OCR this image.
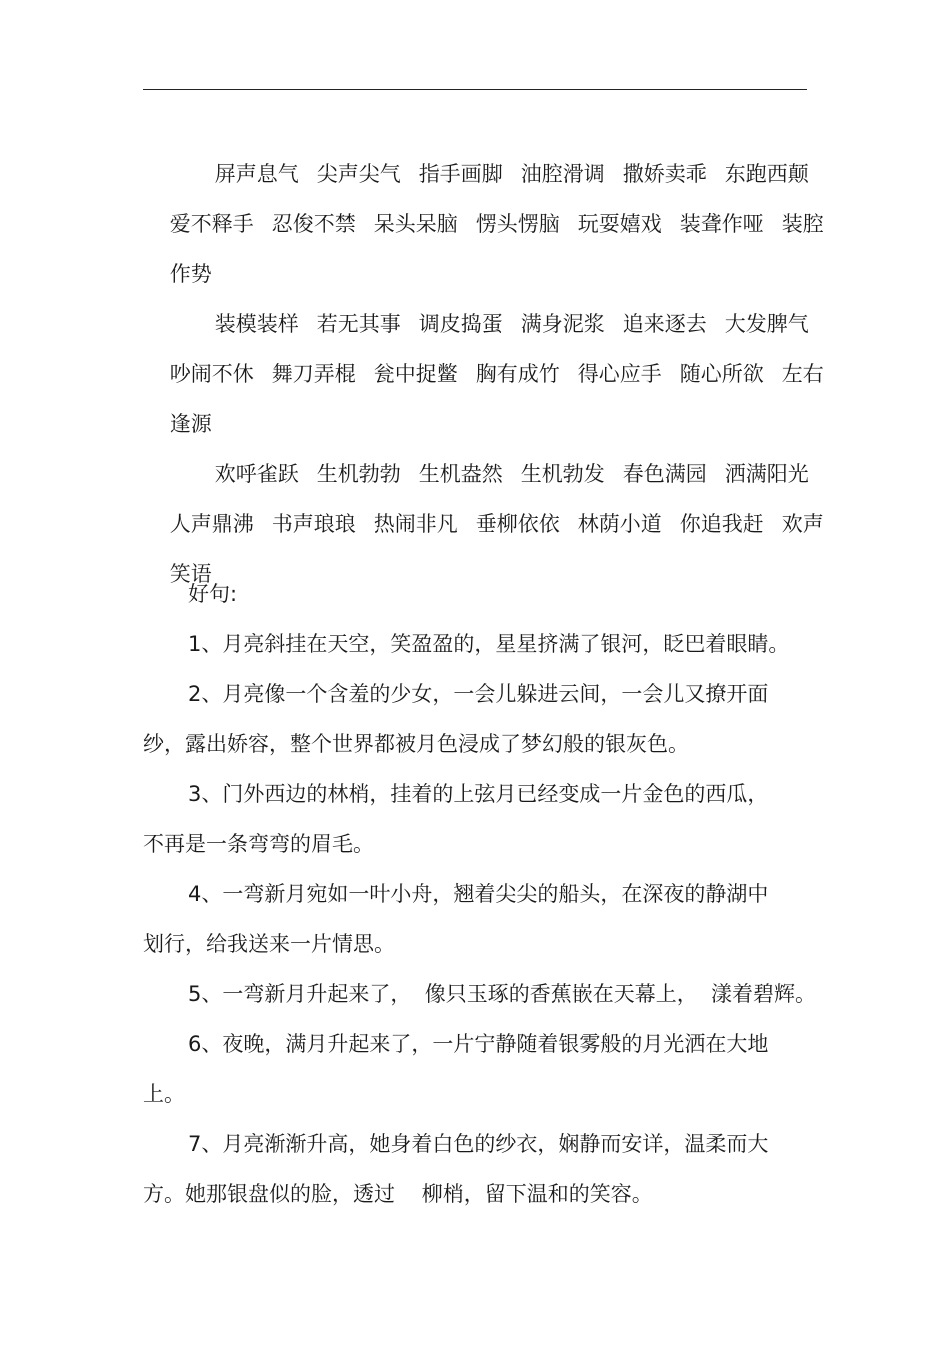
屏声息气 尖声尖气 指手画脚 油腔滑调 撒娇卖乖 东跑西颠

爱不释手 忍俊不禁 呆头呆脑 愣头愣脑 玩耍嬉戏 装聋作哑 装腔

作势

装模装样 若无其事 调皮捣蛋 满身泥浆 追来逐去 大发脾气

吵闹不休 舞刀弄棍 瓮中捉鳖 胸有成竹 得心应手 随心所欲 左右

逢源

欢呼雀跃 生机勃勃 生机盎然 生机勃发 春色满园 洒满阳光

人声鼎沸 书声琅琅 热闹非凡 垂柳依依 林荫小道 你追我赶 欢声

笑语

好句:
1、月亮斜挂在天空，笑盈盈的，星星挤满了银河，眨巴着眼睛。
2、月亮像一个含羞的少女，一会儿躲进云间，一会儿又撩开面
纱，露出娇容，整个世界都被月色浸成了梦幻般的银灰色。
3、门外西边的林梢，挂着的上弦月已经变成一片金色的西瓜，
不再是一条弯弯的眉毛。
4、一弯新月宛如一叶小舟，翘着尖尖的船头，在深夜的静湖中
划行，给我送来一片情思。
5、一弯新月升起来了，  像只玉琢的香蕉嵌在天幕上，  漾着碧辉。
6、夜晚，满月升起来了，一片宁静随着银雾般的月光洒在大地
上。
7、月亮渐渐升高，她身着白色的纱衣，娴静而安详，温柔而大
方。她那银盘似的脸，透过    柳梢，留下温和的笑容。
